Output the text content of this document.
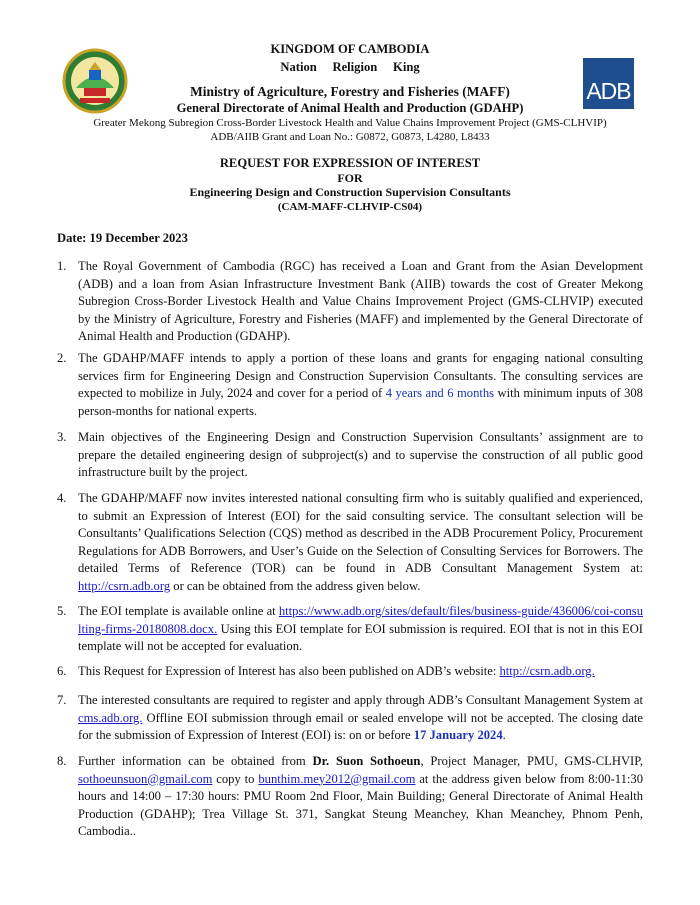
ADB

KINGDOM OF CAMBODIA

Nation     Religion     King

Ministry of Agriculture, Forestry and Fisheries (MAFF)

General Directorate of Animal Health and Production (GDAHP)

Greater Mekong Subregion Cross-Border Livestock Health and Value Chains Improvement Project (GMS-CLHVIP)

ADB/AIIB Grant and Loan No.: G0872, G0873, L4280, L8433

REQUEST FOR EXPRESSION OF INTEREST

FOR

Engineering Design and Construction Supervision Consultants

(CAM-MAFF-CLHVIP-CS04)

Date: 19 December 2023

1. The Royal Government of Cambodia (RGC) has received a Loan and Grant from the Asian Development (ADB) and a loan from Asian Infrastructure Investment Bank (AIIB) towards the cost of Greater Mekong Subregion Cross-Border Livestock Health and Value Chains Improvement Project (GMS-CLHVIP) executed by the Ministry of Agriculture, Forestry and Fisheries (MAFF) and implemented by the General Directorate of Animal Health and Production (GDAHP).

2. The GDAHP/MAFF intends to apply a portion of these loans and grants for engaging national consulting services firm for Engineering Design and Construction Supervision Consultants. The consulting services are expected to mobilize in July, 2024 and cover for a period of 4 years and 6 months with minimum inputs of 308 person-months for national experts.

3. Main objectives of the Engineering Design and Construction Supervision Consultants’ assignment are to prepare the detailed engineering design of subproject(s) and to supervise the construction of all public good infrastructure built by the project.

4. The GDAHP/MAFF now invites interested national consulting firm who is suitably qualified and experienced, to submit an Expression of Interest (EOI) for the said consulting service. The consultant selection will be Consultants’ Qualifications Selection (CQS) method as described in the ADB Procurement Policy, Procurement Regulations for ADB Borrowers, and User’s Guide on the Selection of Consulting Services for Borrowers. The detailed Terms of Reference (TOR) can be found in ADB Consultant Management System at: http://csrn.adb.org or can be obtained from the address given below.

5. The EOI template is available online at https://www.adb.org/sites/default/files/business-guide/436006/coi-consulting-firms-20180808.docx. Using this EOI template for EOI submission is required. EOI that is not in this EOI template will not be accepted for evaluation.

6. This Request for Expression of Interest has also been published on ADB’s website: http://csrn.adb.org.

7. The interested consultants are required to register and apply through ADB’s Consultant Management System at cms.adb.org. Offline EOI submission through email or sealed envelope will not be accepted. The closing date for the submission of Expression of Interest (EOI) is: on or before 17 January 2024.

8. Further information can be obtained from Dr. Suon Sothoeun, Project Manager, PMU, GMS-CLHVIP, sothoeunsuon@gmail.com copy to bunthim.mey2012@gmail.com at the address given below from 8:00-11:30 hours and 14:00 – 17:30 hours: PMU Room 2nd Floor, Main Building; General Directorate of Animal Health Production (GDAHP); Trea Village St. 371, Sangkat Steung Meanchey, Khan Meanchey, Phnom Penh, Cambodia..
